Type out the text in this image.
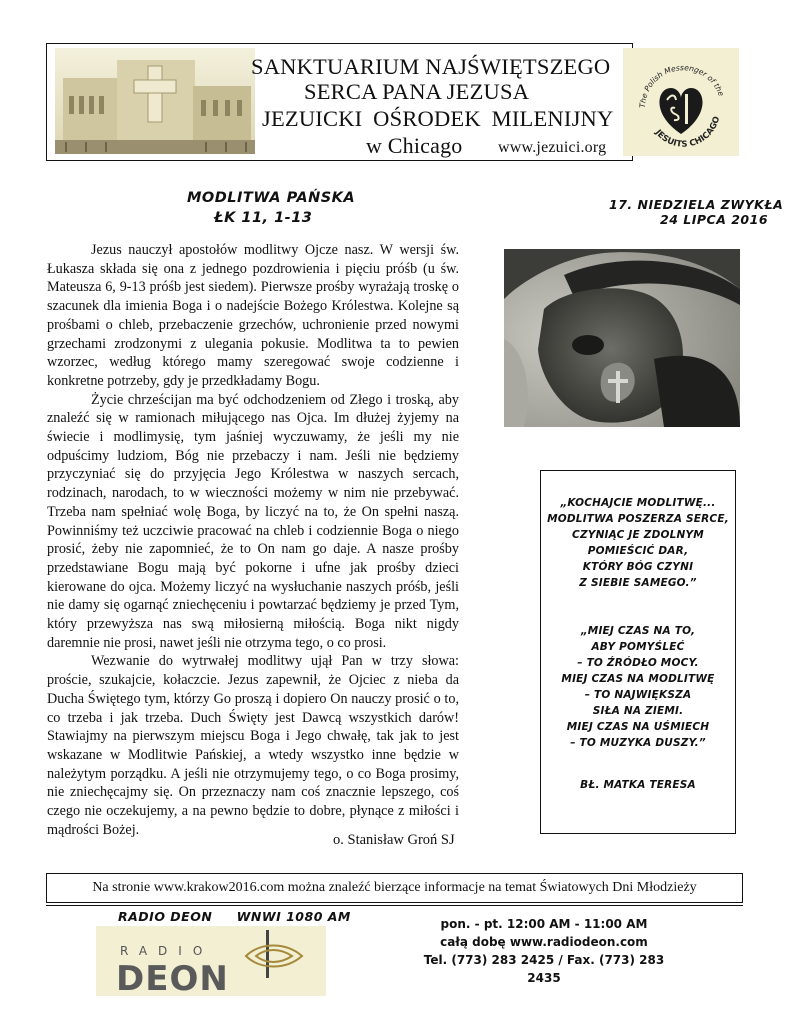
SANKTUARIUM NAJŚWIĘTSZEGO
SERCA PANA JEZUSA
JEZUICKI OŚRODEK MILENIJNY
w Chicago www.jezuici.org
The Polish Messenger of the
JESUITS CHICAGO
MODLITWA PAŃSKA
ŁK 11, 1-13
17. NIEDZIELA ZWYKŁA
24 LIPCA 2016

Jezus nauczył apostołów modlitwy Ojcze nasz. W wersji św. Łukasza składa się ona z jednego pozdrowienia i pięciu próśb (u św. Mateusza 6, 9-13 próśb jest siedem). Pierwsze prośby wyrażają troskę o szacunek dla imienia Boga i o nadejście Bożego Królestwa. Kolejne są prośbami o chleb, przebaczenie grzechów, uchronienie przed nowymi grzechami zrodzonymi z ulegania pokusie. Modlitwa ta to pewien wzorzec, według którego mamy szeregować swoje codzienne i konkretne potrzeby, gdy je przedkładamy Bogu.

Życie chrześcijan ma być odchodzeniem od Złego i troską, aby znaleźć się w ramionach miłującego nas Ojca. Im dłużej żyjemy na świecie i modlimysię, tym jaśniej wyczuwamy, że jeśli my nie odpuścimy ludziom, Bóg nie przebaczy i nam. Jeśli nie będziemy przyczyniać się do przyjęcia Jego Królestwa w naszych sercach, rodzinach, narodach, to w wieczności możemy w nim nie przebywać. Trzeba nam spełniać wolę Boga, by liczyć na to, że On spełni naszą. Powinniśmy też uczciwie pracować na chleb i codziennie Boga o niego prosić, żeby nie zapomnieć, że to On nam go daje. A nasze prośby przedstawiane Bogu mają być pokorne i ufne jak prośby dzieci kierowane do ojca. Możemy liczyć na wysłuchanie naszych próśb, jeśli nie damy się ogarnąć zniechęceniu i powtarzać będziemy je przed Tym, który przewyższa nas swą miłosierną miłością. Boga nikt nigdy daremnie nie prosi, nawet jeśli nie otrzyma tego, o co prosi.

Wezwanie do wytrwałej modlitwy ujął Pan w trzy słowa: proście, szukajcie, kołaczcie. Jezus zapewnił, że Ojciec z nieba da Ducha Świętego tym, którzy Go proszą i dopiero On nauczy prosić o to, co trzeba i jak trzeba. Duch Święty jest Dawcą wszystkich darów! Stawiajmy na pierwszym miejscu Boga i Jego chwałę, tak jak to jest wskazane w Modlitwie Pańskiej, a wtedy wszystko inne będzie w należytym porządku. A jeśli nie otrzymujemy tego, o co Boga prosimy, nie zniechęcajmy się. On przeznaczy nam coś znacznie lepszego, coś czego nie oczekujemy, a na pewno będzie to dobre, płynące z miłości i mądrości Bożej.

o. Stanisław Groń SJ
„KOCHAJCIE MODLITWĘ...
MODLITWA POSZERZA SERCE,
CZYNIĄC JE ZDOLNYM
POMIEŚCIĆ DAR,
KTÓRY BÓG CZYNI
Z SIEBIE SAMEGO.”
„MIEJ CZAS NA TO,
ABY POMYŚLEĆ
– TO ŹRÓDŁO MOCY.
MIEJ CZAS NA MODLITWĘ
– TO NAJWIĘKSZA
SIŁA NA ZIEMI.
MIEJ CZAS NA UŚMIECH
– TO MUZYKA DUSZY.”
BŁ. MATKA TERESA
Na stronie www.krakow2016.com można znaleźć bierzące informacje na temat Światowych Dni Młodzieży
RADIO DEON     WNWI 1080 AM
RADIO
DEON
pon. - pt. 12:00 AM - 11:00 AM
całą dobę www.radiodeon.com
Tel. (773) 283 2425 / Fax. (773) 283 2435
